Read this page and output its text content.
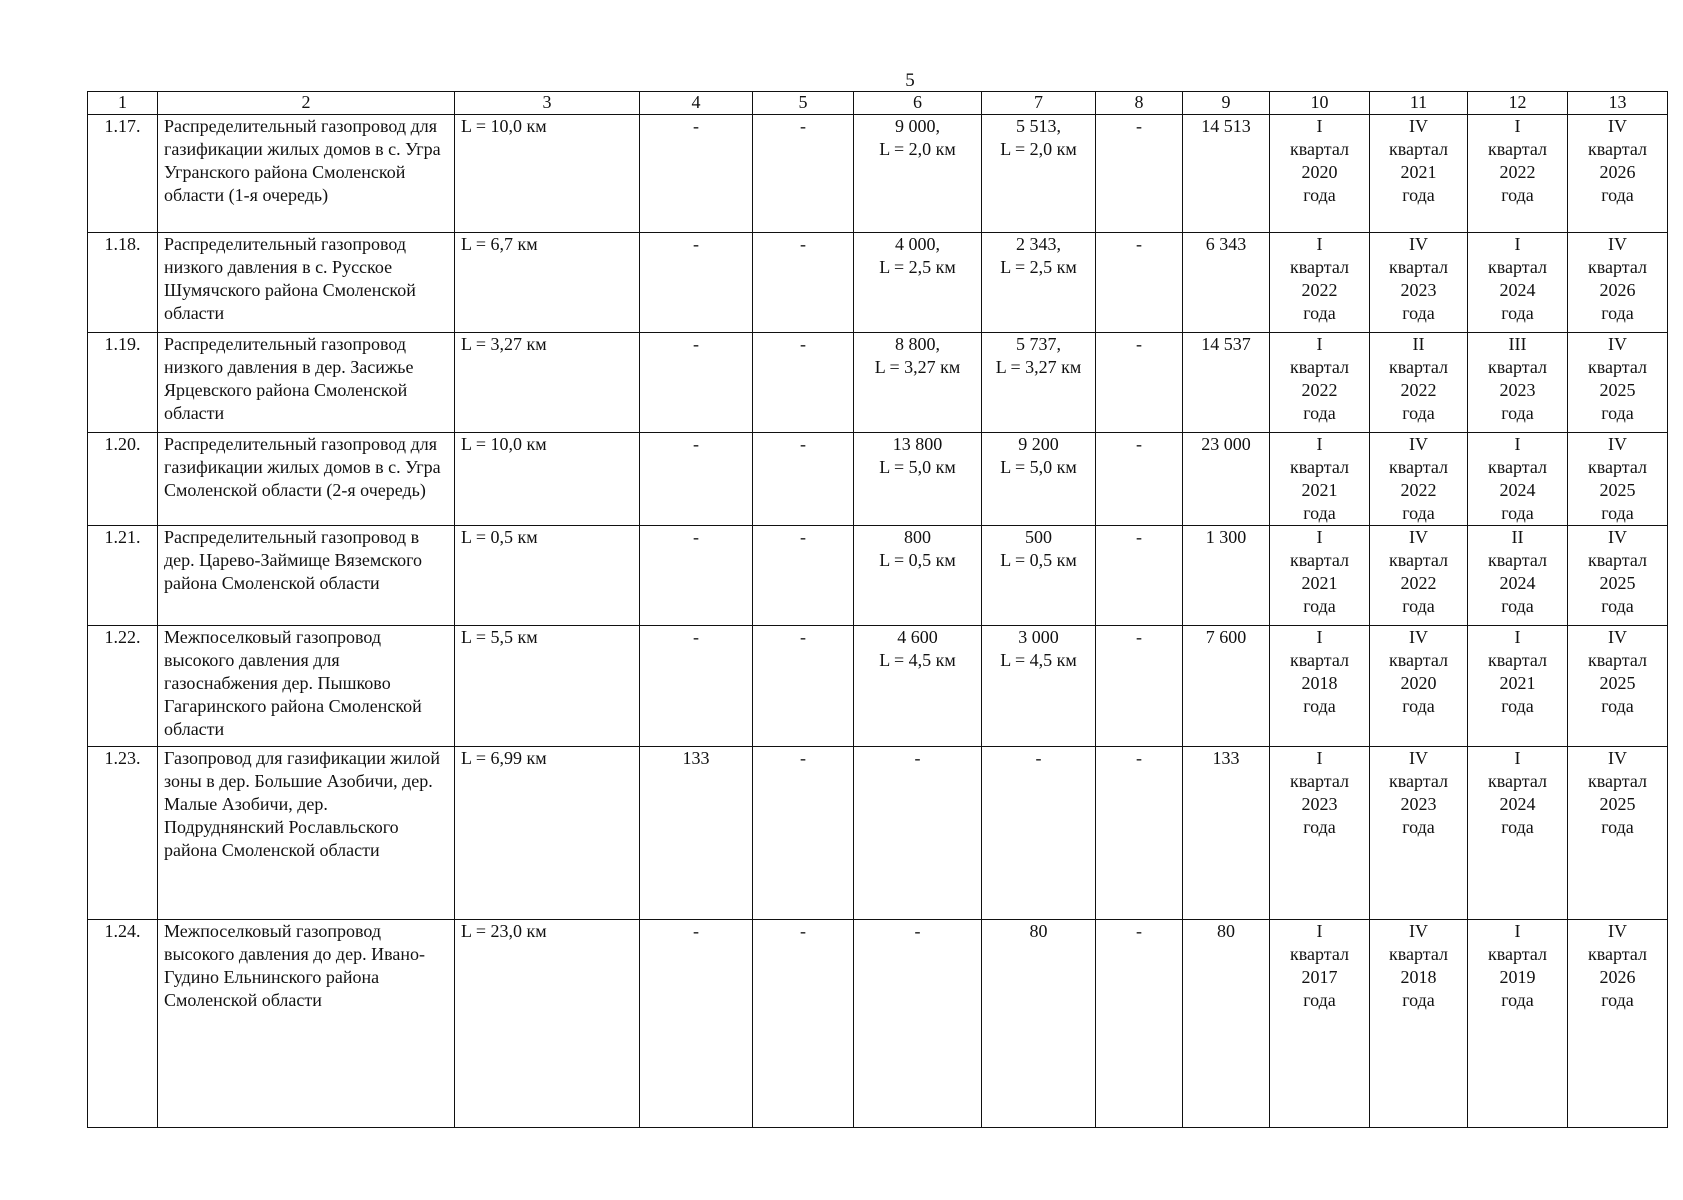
5
1	2	3	4	5	6	7	8	9	10	11	12	13
1.17.	Распределительный газопровод для газификации жилых домов в с. Угра Угранского района Смоленской области (1-я очередь)	L = 10,0 км	-	-	9 000,
L = 2,0 км	5 513,
L = 2,0 км	-	14 513	I
квартал
2020
года	IV
квартал
2021
года	I
квартал
2022
года	IV
квартал
2026
года

1.18.	Распределительный газопровод низкого давления в с. Русское Шумячского района Смоленской области	L = 6,7 км	-	-	4 000,
L = 2,5 км	2 343,
L = 2,5 км	-	6 343	I
квартал
2022
года	IV
квартал
2023
года	I
квартал
2024
года	IV
квартал
2026
года

1.19.	Распределительный газопровод низкого давления в дер. Засижье Ярцевского района Смоленской области	L = 3,27 км	-	-	8 800,
L = 3,27 км	5 737,
L = 3,27 км	-	14 537	I
квартал
2022
года	II
квартал
2022
года	III
квартал
2023
года	IV
квартал
2025
года

1.20.	Распределительный газопровод для газификации жилых домов в с. Угра Смоленской области (2-я очередь)	L = 10,0 км	-	-	13 800
L = 5,0 км	9 200
L = 5,0 км	-	23 000	I
квартал
2021
года	IV
квартал
2022
года	I
квартал
2024
года	IV
квартал
2025
года

1.21.	Распределительный газопровод в дер. Царево-Займище Вяземского района Смоленской области	L = 0,5 км	-	-	800
L = 0,5 км	500
L = 0,5 км	-	1 300	I
квартал
2021
года	IV
квартал
2022
года	II
квартал
2024
года	IV
квартал
2025
года

1.22.	Межпоселковый газопровод высокого давления для газоснабжения дер. Пышково Гагаринского района Смоленской области	L = 5,5 км	-	-	4 600
L = 4,5 км	3 000
L = 4,5 км	-	7 600	I
квартал
2018
года	IV
квартал
2020
года	I
квартал
2021
года	IV
квартал
2025
года

1.23.	Газопровод для газификации жилой зоны в дер. Большие Азобичи, дер. Малые Азобичи, дер. Подруднянский Рославльского района Смоленской области	L = 6,99 км	133	-	-	-	-	133	I
квартал
2023
года	IV
квартал
2023
года	I
квартал
2024
года	IV
квартал
2025
года

1.24.	Межпоселковый газопровод высокого давления до дер. Ивано-Гудино Ельнинского района Смоленской области	L = 23,0 км	-	-	-	80	-	80	I
квартал
2017
года	IV
квартал
2018
года	I
квартал
2019
года	IV
квартал
2026
года
